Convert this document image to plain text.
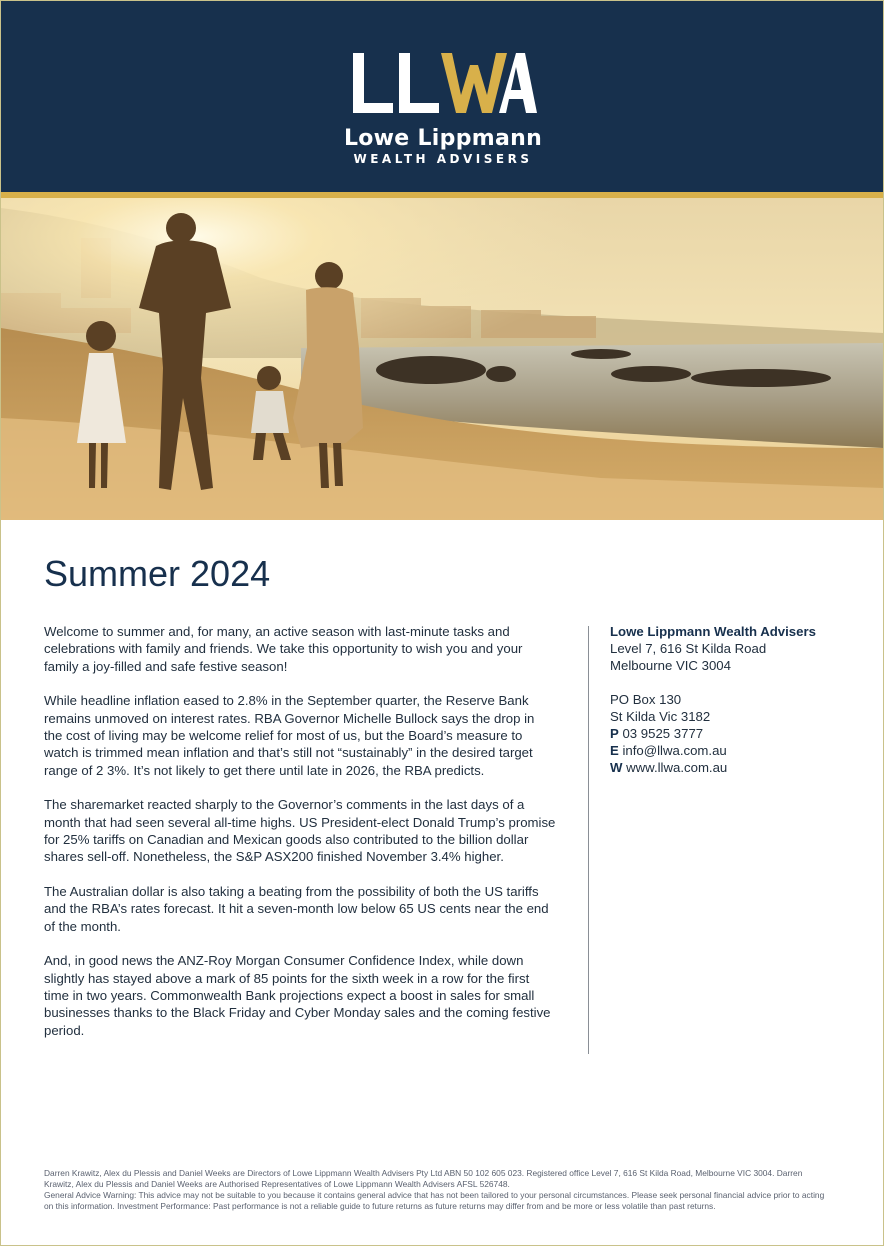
Lowe Lippmann
WEALTH ADVISERS
Summer 2024

Welcome to summer and, for many, an active season with last-minute tasks and celebrations with family and friends. We take this opportunity to wish you and your family a joy-filled and safe festive season!

While headline inflation eased to 2.8% in the September quarter, the Reserve Bank remains unmoved on interest rates. RBA Governor Michelle Bullock says the drop in the cost of living may be welcome relief for most of us, but the Board’s measure to watch is trimmed mean inflation and that’s still not “sustainably” in the desired target range of 2 3%. It’s not likely to get there until late in 2026, the RBA predicts.

The sharemarket reacted sharply to the Governor’s comments in the last days of a month that had seen several all-time highs. US President-elect Donald Trump’s promise for 25% tariffs on Canadian and Mexican goods also contributed to the billion dollar shares sell-off. Nonetheless, the S&P ASX200 finished November 3.4% higher.

The Australian dollar is also taking a beating from the possibility of both the US tariffs and the RBA’s rates forecast. It hit a seven-month low below 65 US cents near the end of the month.

And, in good news the ANZ-Roy Morgan Consumer Confidence Index, while down slightly has stayed above a mark of 85 points for the sixth week in a row for the first time in two years. Commonwealth Bank projections expect a boost in sales for small businesses thanks to the Black Friday and Cyber Monday sales and the coming festive period.

Lowe Lippmann Wealth Advisers
Level 7, 616 St Kilda Road
Melbourne VIC 3004
PO Box 130
St Kilda Vic 3182
P 03 9525 3777
E info@llwa.com.au
W www.llwa.com.au

Darren Krawitz, Alex du Plessis and Daniel Weeks are Directors of Lowe Lippmann Wealth Advisers Pty Ltd ABN 50 102 605 023. Registered office Level 7, 616 St Kilda Road, Melbourne VIC 3004. Darren Krawitz, Alex du Plessis and Daniel Weeks are Authorised Representatives of Lowe Lippmann Wealth Advisers AFSL 526748.

General Advice Warning: This advice may not be suitable to you because it contains general advice that has not been tailored to your personal circumstances. Please seek personal financial advice prior to acting on this information. Investment Performance: Past performance is not a reliable guide to future returns as future returns may differ from and be more or less volatile than past returns.
